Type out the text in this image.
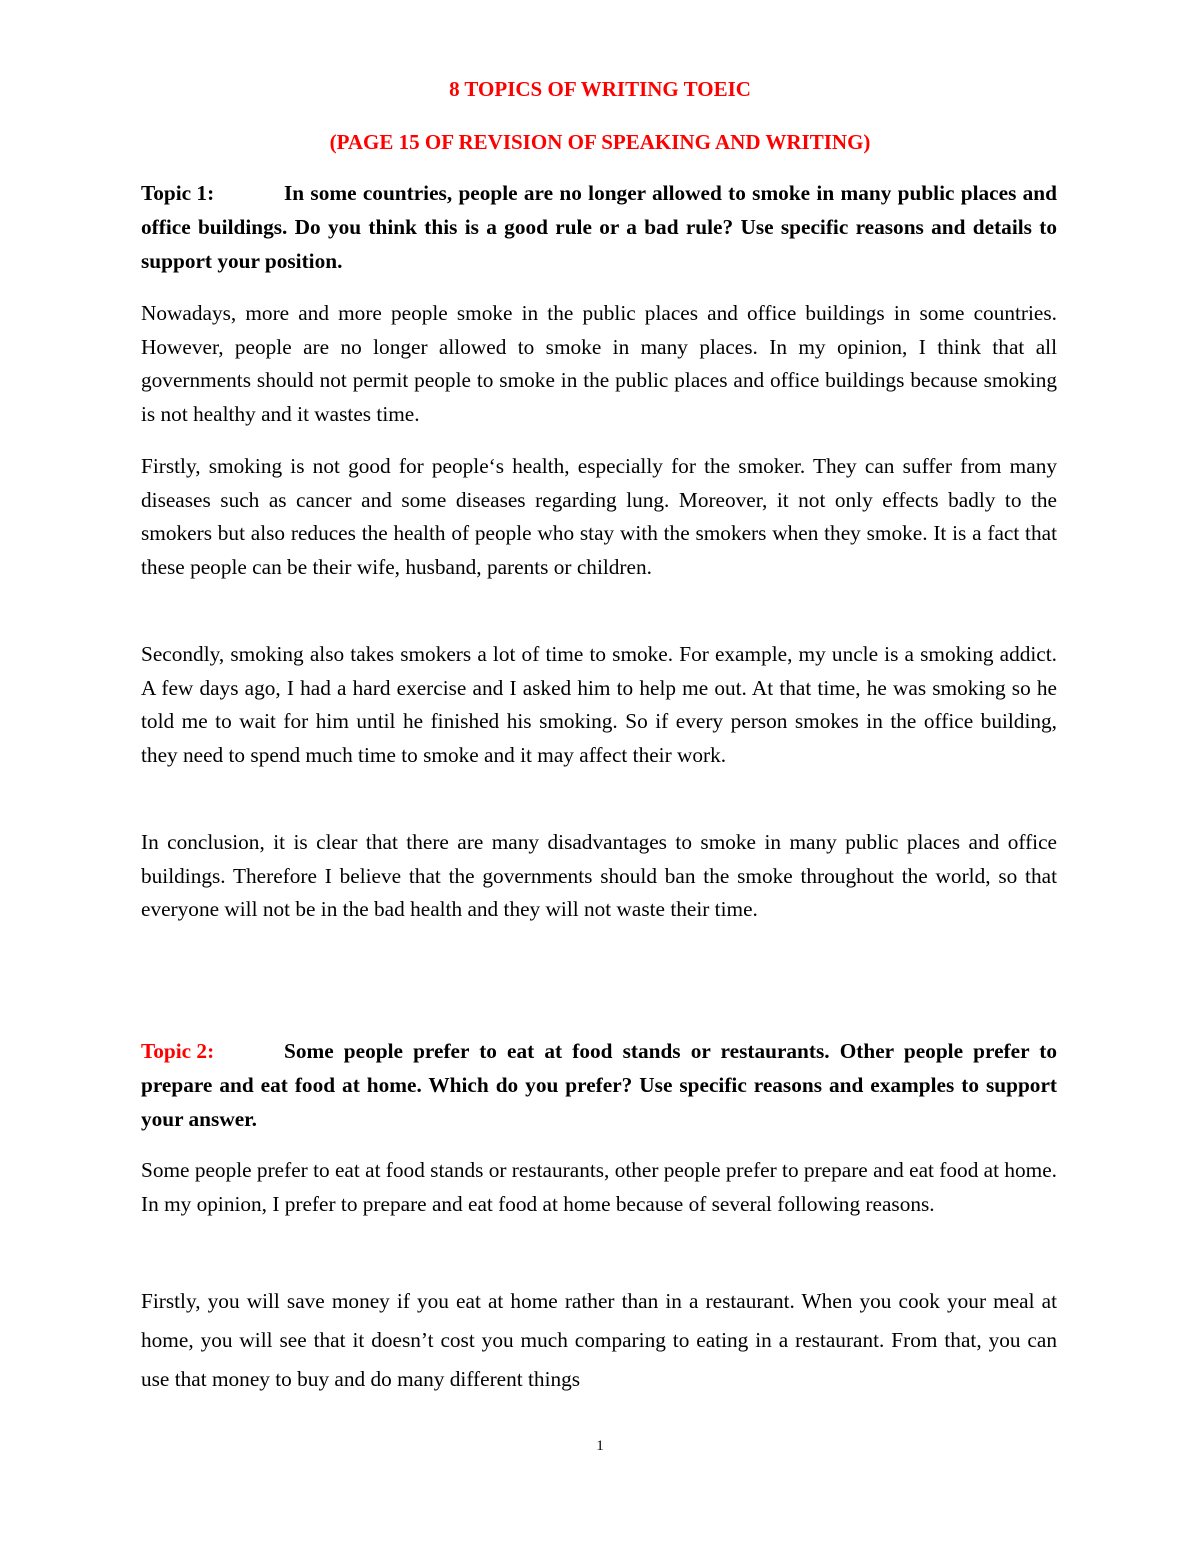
8 TOPICS OF WRITING TOEIC

(PAGE 15 OF REVISION OF SPEAKING AND WRITING)

Topic 1:	In some countries, people are no longer allowed to smoke in many public places and office buildings. Do you think this is a good rule or a bad rule? Use specific reasons and details to support your position.

Nowadays, more and more people smoke in the public places and office buildings in some countries. However, people are no longer allowed to smoke in many places. In my opinion, I think that all governments should not permit people to smoke in the public places and office buildings because smoking is not healthy and it wastes time.

Firstly, smoking is not good for people‘s health, especially for the smoker. They can suffer from many diseases such as cancer and some diseases regarding lung. Moreover, it not only effects badly to the smokers but also reduces the health of people who stay with the smokers when they smoke. It is a fact that these people can be their wife, husband, parents or children.

Secondly, smoking also takes smokers a lot of time to smoke. For example, my uncle is a smoking addict. A few days ago, I had a hard exercise and I asked him to help me out. At that time, he was smoking so he told me to wait for him until he finished his smoking. So if every person smokes in the office building, they need to spend much time to smoke and it may affect their work.

In conclusion, it is clear that there are many disadvantages to smoke in many public places and office buildings. Therefore I believe that the governments should ban the smoke throughout the world, so that everyone will not be in the bad health and they will not waste their time.

Topic 2:	Some people prefer to eat at food stands or restaurants. Other people prefer to prepare and eat food at home. Which do you prefer? Use specific reasons and examples to support your answer.

Some people prefer to eat at food stands or restaurants, other people prefer to prepare and eat food at home. In my opinion, I prefer to prepare and eat food at home because of several following reasons.

Firstly, you will save money if you eat at home rather than in a restaurant. When you cook your meal at home, you will see that it doesn’t cost you much comparing to eating in a restaurant. From that, you can use that money to buy and do many different things

1
